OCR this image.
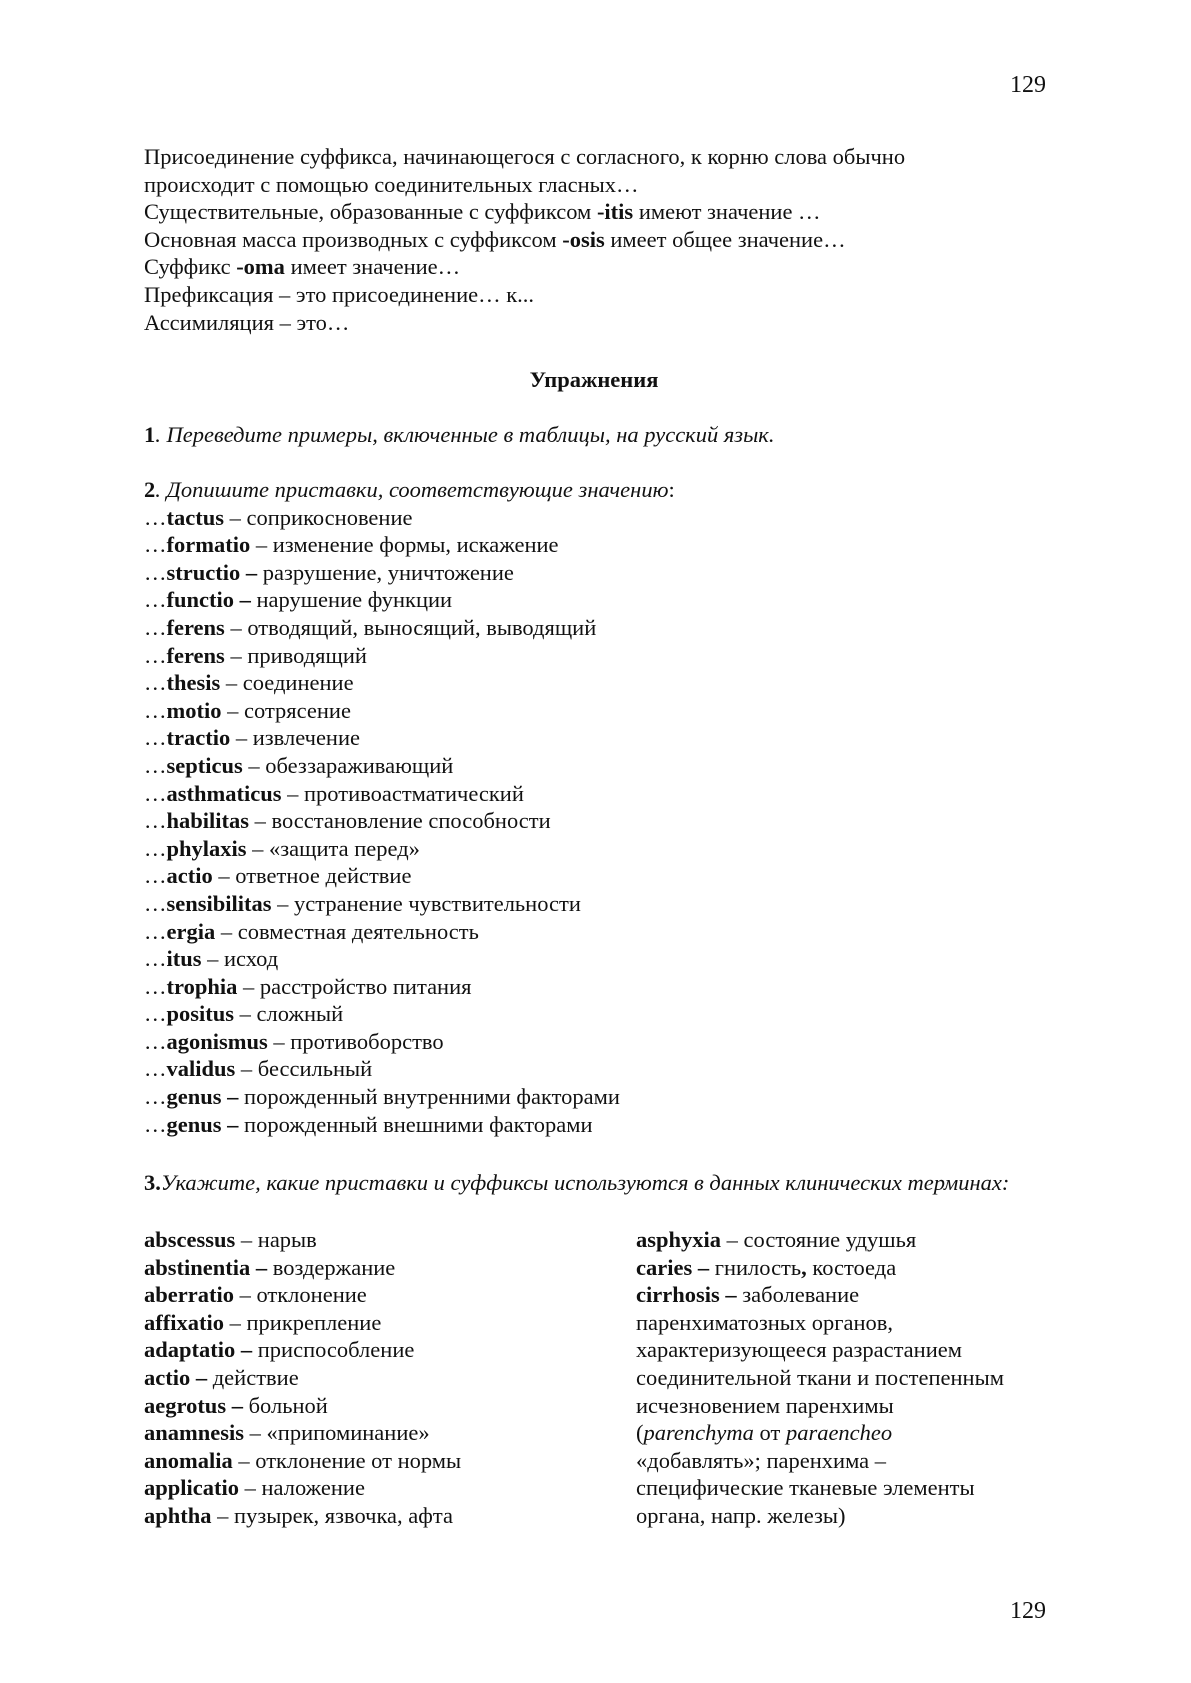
129
Присоединение суффикса, начинающегося с согласного, к корню слова обычно
происходит с помощью соединительных гласных…
Существительные, образованные с суффиксом -itis имеют значение …
Основная масса производных с суффиксом -osis имеет общее значение…
Суффикс -oma имеет значение…
Префиксация – это присоединение… к...
Ассимиляция – это…
Упражнения
1. Переведите примеры, включенные в таблицы, на русский язык.
2. Допишите приставки, соответствующие значению:
…tactus – соприкосновение
…formatio – изменение формы, искажение
…structio – разрушение, уничтожение
…functio – нарушение функции
…ferens – отводящий, выносящий, выводящий
…ferens – приводящий
…thesis – соединение
…motio – сотрясение
…tractio – извлечение
…septicus – обеззараживающий
…asthmaticus – противоастматический
…habilitas – восстановление способности
…phylaxis – «защита перед»
…actio – ответное действие
…sensibilitas – устранение чувствительности
…ergia – совместная деятельность
…itus – исход
…trophia – расстройство питания
…positus – сложный
…agonismus – противоборство
…validus – бессильный
…genus – порожденный внутренними факторами
…genus – порожденный внешними факторами
3.Укажите, какие приставки и суффиксы используются в данных клинических терминах:
abscessus – нарыв
abstinentia – воздержание
aberratio – отклонение
affixatio – прикрепление
adaptatio – приспособление
actio – действие
aegrotus – больной
anamnesis – «припоминание»
anomalia – отклонение от нормы
applicatio – наложение
aphtha – пузырек, язвочка, афта
asphyxia – состояние удушья
caries – гнилость, костоеда
cirrhosis – заболевание
паренхиматозных органов,
характеризующееся разрастанием
соединительной ткани и постепенным
исчезновением паренхимы
(parenchyma от paraencheo
«добавлять»; паренхима –
специфические тканевые элементы
органа, напр. железы)
129
